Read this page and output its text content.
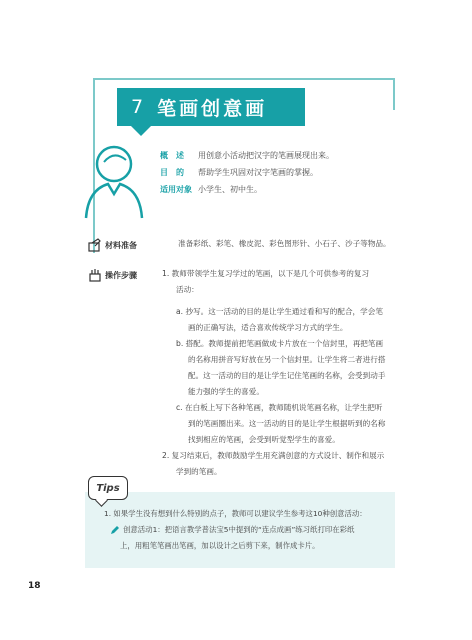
7 笔画创意画
概　述	用创意小活动把汉字的笔画展现出来。
目　的	帮助学生巩固对汉字笔画的掌握。
适用对象 小学生、初中生。
材料准备	准备彩纸、彩笔、橡皮泥、彩色图形针、小石子、沙子等物品。
操作步骤	1. 教师带领学生复习学过的笔画，以下是几个可供参考的复习
活动：
a. 抄写。这一活动的目的是让学生通过看和写的配合，学会笔
画的正确写法，适合喜欢传统学习方式的学生。
b. 搭配。教师提前把笔画做成卡片放在一个信封里，再把笔画
的名称用拼音写好放在另一个信封里。让学生将二者进行搭
配。这一活动的目的是让学生记住笔画的名称，会受到动手
能力强的学生的喜爱。
c. 在白板上写下各种笔画，教师随机说笔画名称，让学生把听
到的笔画圈出来。这一活动的目的是让学生根据听到的名称
找到相应的笔画，会受到听觉型学生的喜爱。
2. 复习结束后，教师鼓励学生用充满创意的方式设计、制作和展示
学到的笔画。
Tips
1. 如果学生没有想到什么特别的点子，教师可以建议学生参考这10种创意活动：
创意活动1：把语言教学普法宝5中提到的“连点成画”练习纸打印在彩纸
上，用粗笔笔画出笔画，加以设计之后剪下来，制作成卡片。
18
